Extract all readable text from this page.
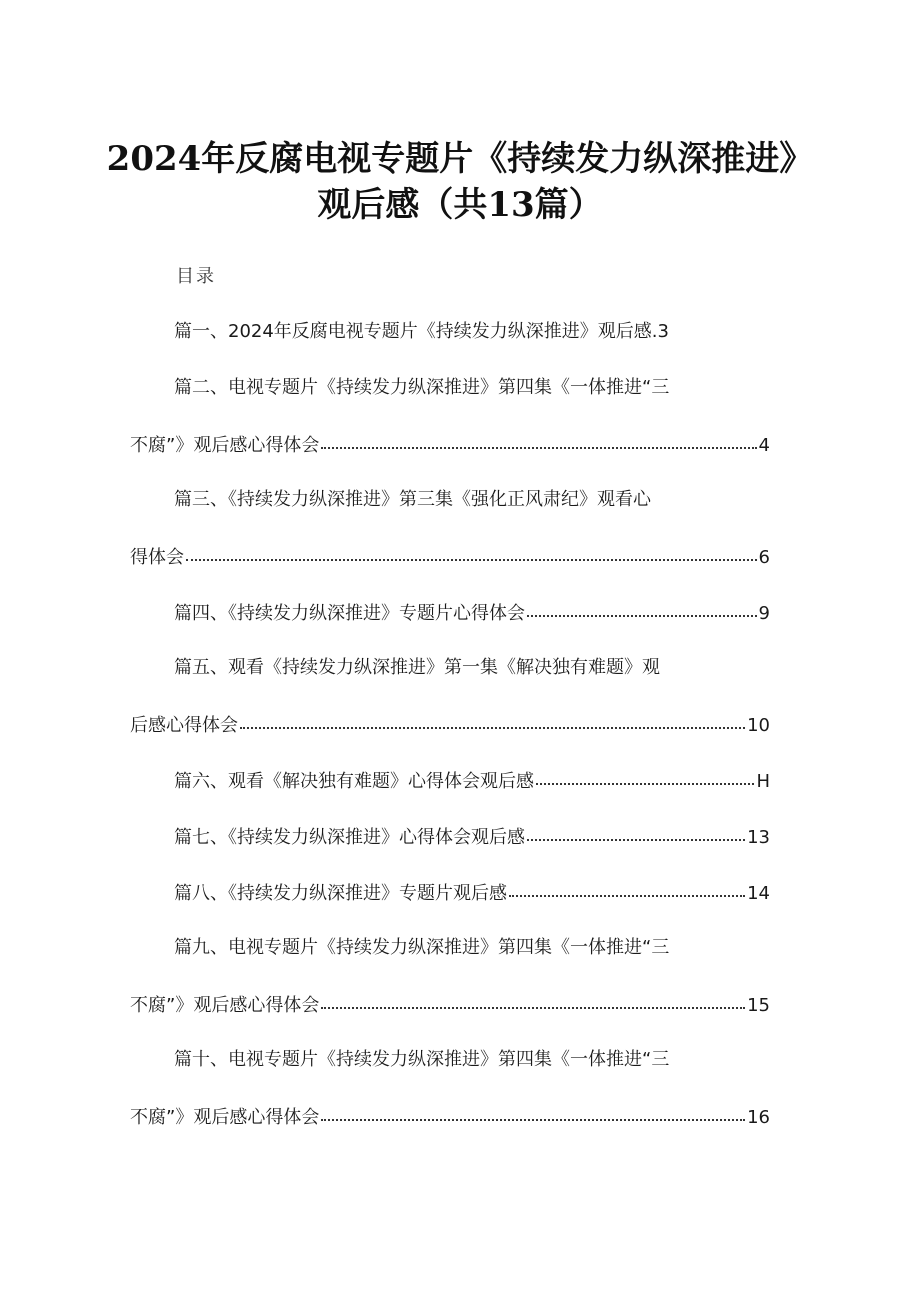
2024年反腐电视专题片《持续发力纵深推进》
观后感（共13篇）
目录
篇一、2024年反腐电视专题片《持续发力纵深推进》观后感.3
篇二、电视专题片《持续发力纵深推进》第四集《一体推进“三
不腐”》观后感心得体会	4
篇三、《持续发力纵深推进》第三集《强化正风肃纪》观看心
得体会	6
篇四、《持续发力纵深推进》专题片心得体会	9
篇五、观看《持续发力纵深推进》第一集《解决独有难题》观
后感心得体会	10
篇六、观看《解决独有难题》心得体会观后感	H
篇七、《持续发力纵深推进》心得体会观后感	13
篇八、《持续发力纵深推进》专题片观后感	14
篇九、电视专题片《持续发力纵深推进》第四集《一体推进“三
不腐”》观后感心得体会	15
篇十、电视专题片《持续发力纵深推进》第四集《一体推进“三
不腐”》观后感心得体会	16
